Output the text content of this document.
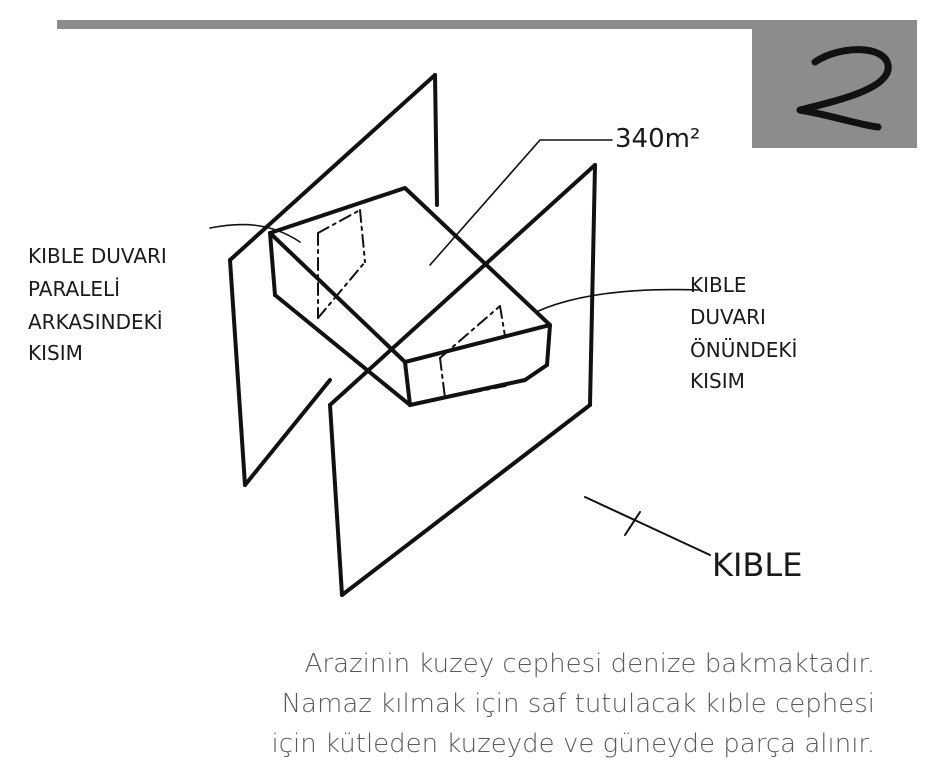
340m²
KIBLE DUVARI
PARALELİ
ARKASINDEKİ
KISIM
KIBLE
DUVARI
ÖNÜNDEKİ
KISIM
KIBLE
Arazinin kuzey cephesi denize bakmaktadır.
Namaz kılmak için saf tutulacak kıble cephesi
için kütleden kuzeyde ve güneyde parça alınır.
